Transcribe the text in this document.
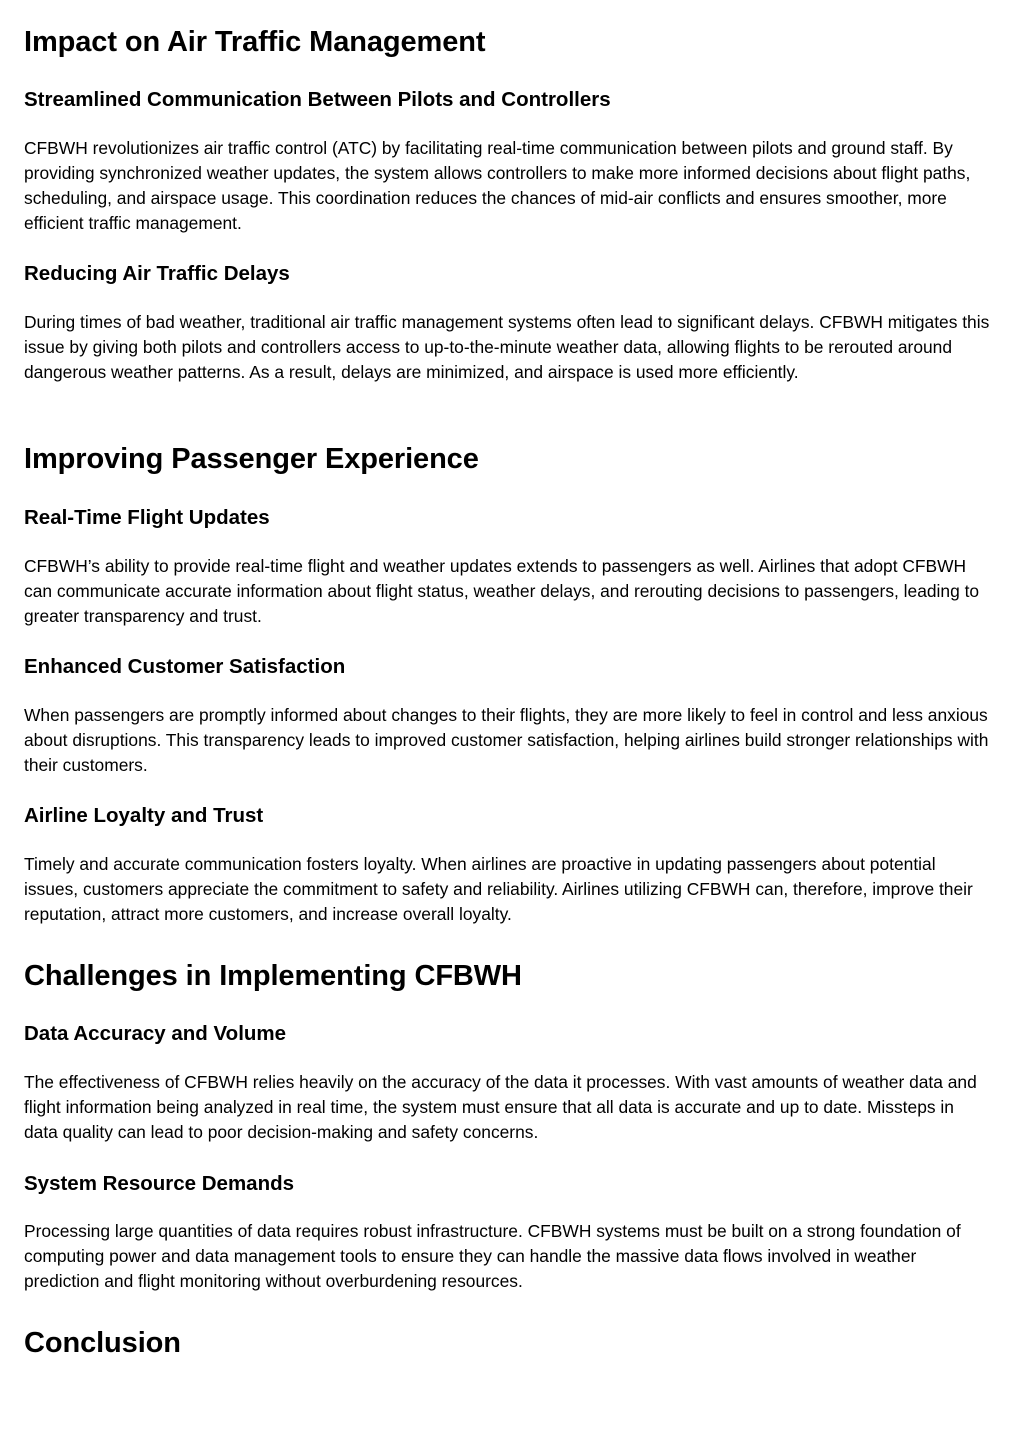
Impact on Air Traffic Management
Streamlined Communication Between Pilots and Controllers

CFBWH revolutionizes air traffic control (ATC) by facilitating real-time communication between pilots and ground staff. By providing synchronized weather updates, the system allows controllers to make more informed decisions about flight paths, scheduling, and airspace usage. This coordination reduces the chances of mid-air conflicts and ensures smoother, more efficient traffic management.

Reducing Air Traffic Delays

During times of bad weather, traditional air traffic management systems often lead to significant delays. CFBWH mitigates this issue by giving both pilots and controllers access to up-to-the-minute weather data, allowing flights to be rerouted around dangerous weather patterns. As a result, delays are minimized, and airspace is used more efficiently.

Improving Passenger Experience
Real-Time Flight Updates

CFBWH’s ability to provide real-time flight and weather updates extends to passengers as well. Airlines that adopt CFBWH can communicate accurate information about flight status, weather delays, and rerouting decisions to passengers, leading to greater transparency and trust.

Enhanced Customer Satisfaction

When passengers are promptly informed about changes to their flights, they are more likely to feel in control and less anxious about disruptions. This transparency leads to improved customer satisfaction, helping airlines build stronger relationships with their customers.

Airline Loyalty and Trust

Timely and accurate communication fosters loyalty. When airlines are proactive in updating passengers about potential issues, customers appreciate the commitment to safety and reliability. Airlines utilizing CFBWH can, therefore, improve their reputation, attract more customers, and increase overall loyalty.

Challenges in Implementing CFBWH
Data Accuracy and Volume

The effectiveness of CFBWH relies heavily on the accuracy of the data it processes. With vast amounts of weather data and flight information being analyzed in real time, the system must ensure that all data is accurate and up to date. Missteps in data quality can lead to poor decision-making and safety concerns.

System Resource Demands

Processing large quantities of data requires robust infrastructure. CFBWH systems must be built on a strong foundation of computing power and data management tools to ensure they can handle the massive data flows involved in weather prediction and flight monitoring without overburdening resources.

Conclusion
